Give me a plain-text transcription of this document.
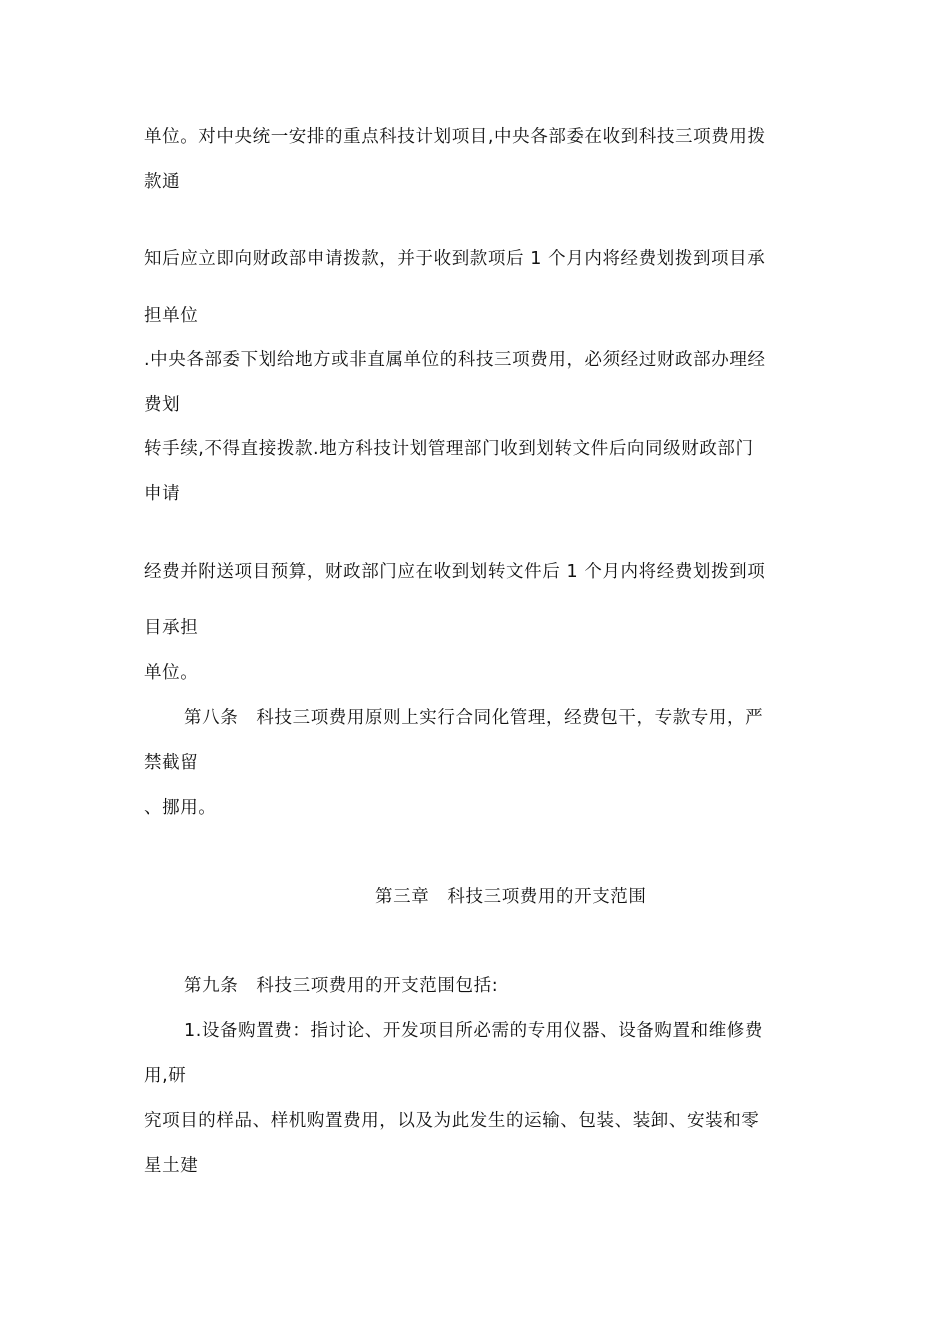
单位。对中央统一安排的重点科技计划项目,中央各部委在收到科技三项费用拨
款通
知后应立即向财政部申请拨款，并于收到款项后 1 个月内将经费划拨到项目承
担单位
.中央各部委下划给地方或非直属单位的科技三项费用，必须经过财政部办理经
费划
转手续,不得直接拨款.地方科技计划管理部门收到划转文件后向同级财政部门
申请
经费并附送项目预算，财政部门应在收到划转文件后 1 个月内将经费划拨到项
目承担
单位。
第八条　科技三项费用原则上实行合同化管理，经费包干，专款专用，严
禁截留
、挪用。
第三章　科技三项费用的开支范围
第九条　科技三项费用的开支范围包括:
1.设备购置费：指讨论、开发项目所必需的专用仪器、设备购置和维修费
用,研
究项目的样品、样机购置费用，以及为此发生的运输、包装、装卸、安装和零
星土建
